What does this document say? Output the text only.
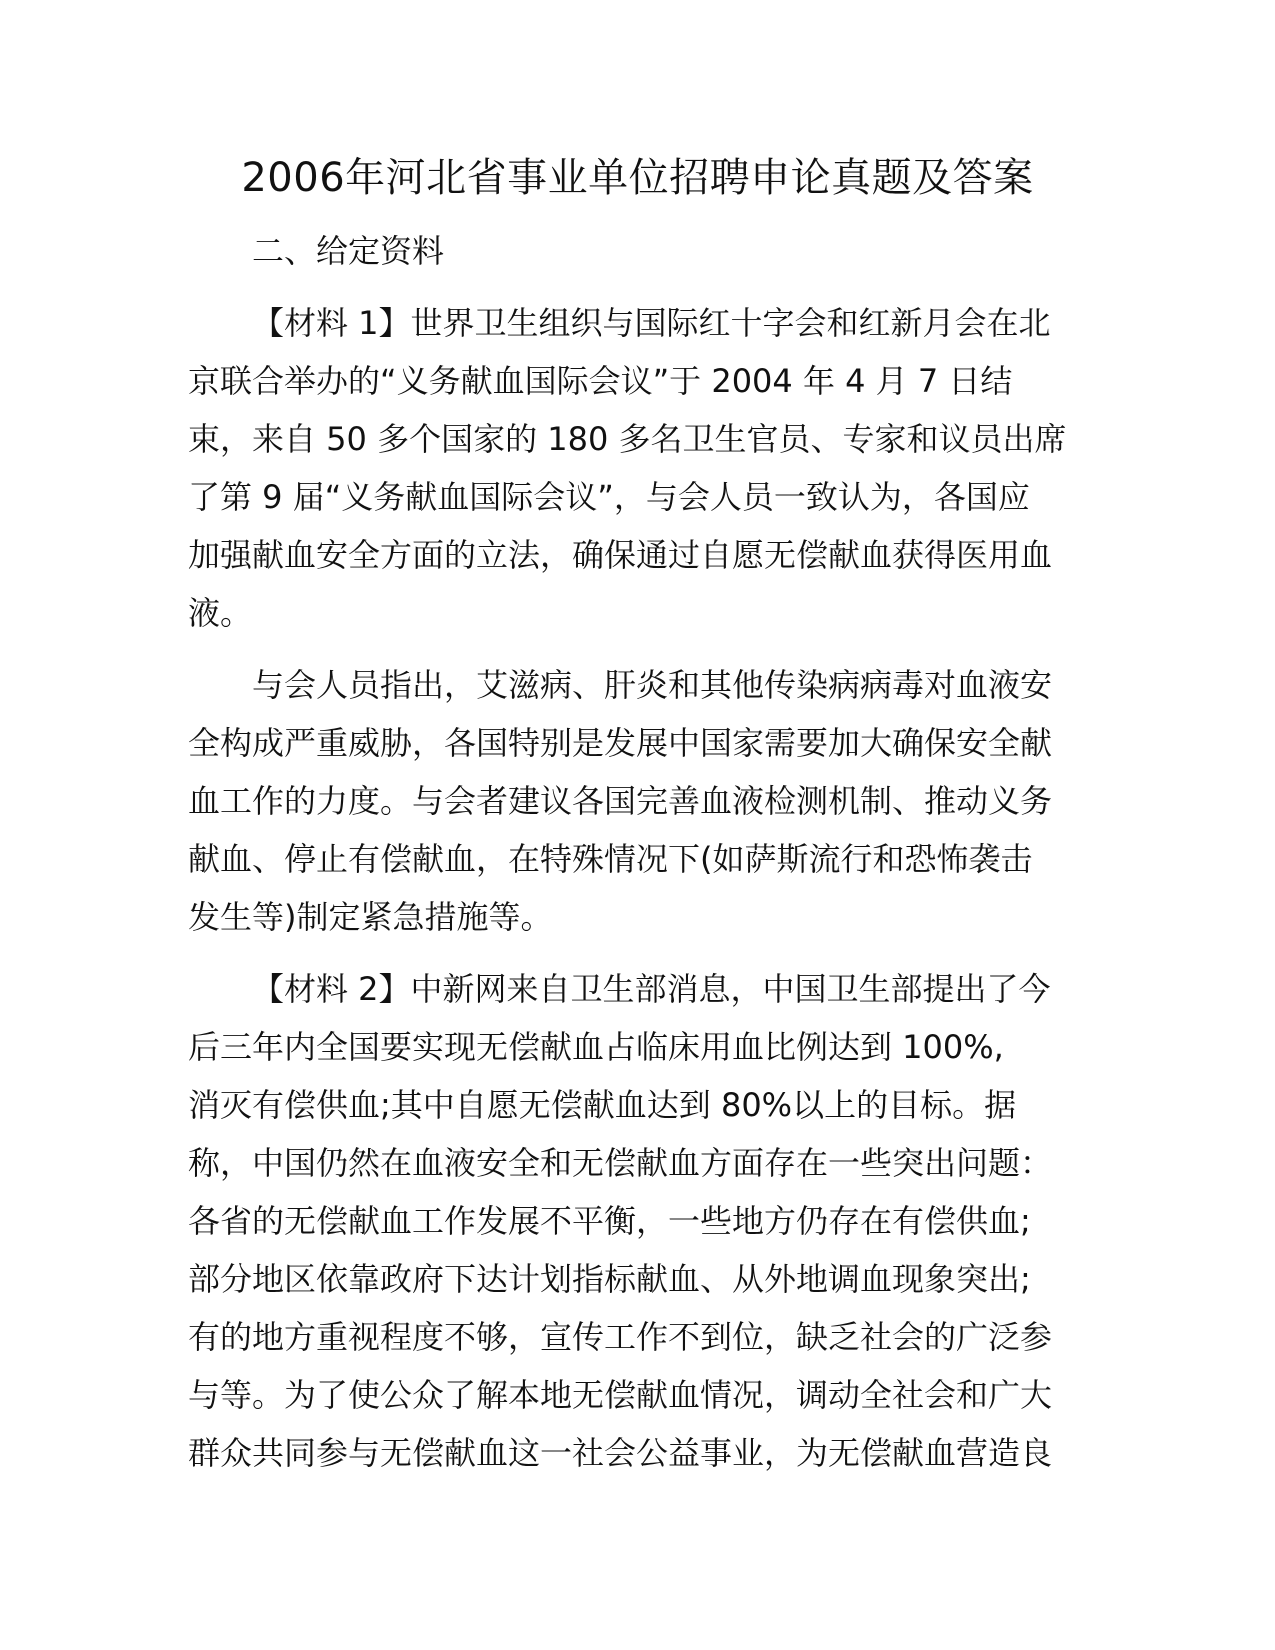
2006年河北省事业单位招聘申论真题及答案

二、给定资料

【材料 1】世界卫生组织与国际红十字会和红新月会在北
京联合举办的“义务献血国际会议”于 2004 年 4 月 7 日结
束，来自 50 多个国家的 180 多名卫生官员、专家和议员出席
了第 9 届“义务献血国际会议”，与会人员一致认为，各国应
加强献血安全方面的立法，确保通过自愿无偿献血获得医用血
液。

与会人员指出，艾滋病、肝炎和其他传染病病毒对血液安
全构成严重威胁，各国特别是发展中国家需要加大确保安全献
血工作的力度。与会者建议各国完善血液检测机制、推动义务
献血、停止有偿献血，在特殊情况下(如萨斯流行和恐怖袭击
发生等)制定紧急措施等。

【材料 2】中新网来自卫生部消息，中国卫生部提出了今
后三年内全国要实现无偿献血占临床用血比例达到 100%,
消灭有偿供血;其中自愿无偿献血达到 80%以上的目标。据
称，中国仍然在血液安全和无偿献血方面存在一些突出问题：
各省的无偿献血工作发展不平衡，一些地方仍存在有偿供血;
部分地区依靠政府下达计划指标献血、从外地调血现象突出;
有的地方重视程度不够，宣传工作不到位，缺乏社会的广泛参
与等。为了使公众了解本地无偿献血情况，调动全社会和广大
群众共同参与无偿献血这一社会公益事业，为无偿献血营造良
